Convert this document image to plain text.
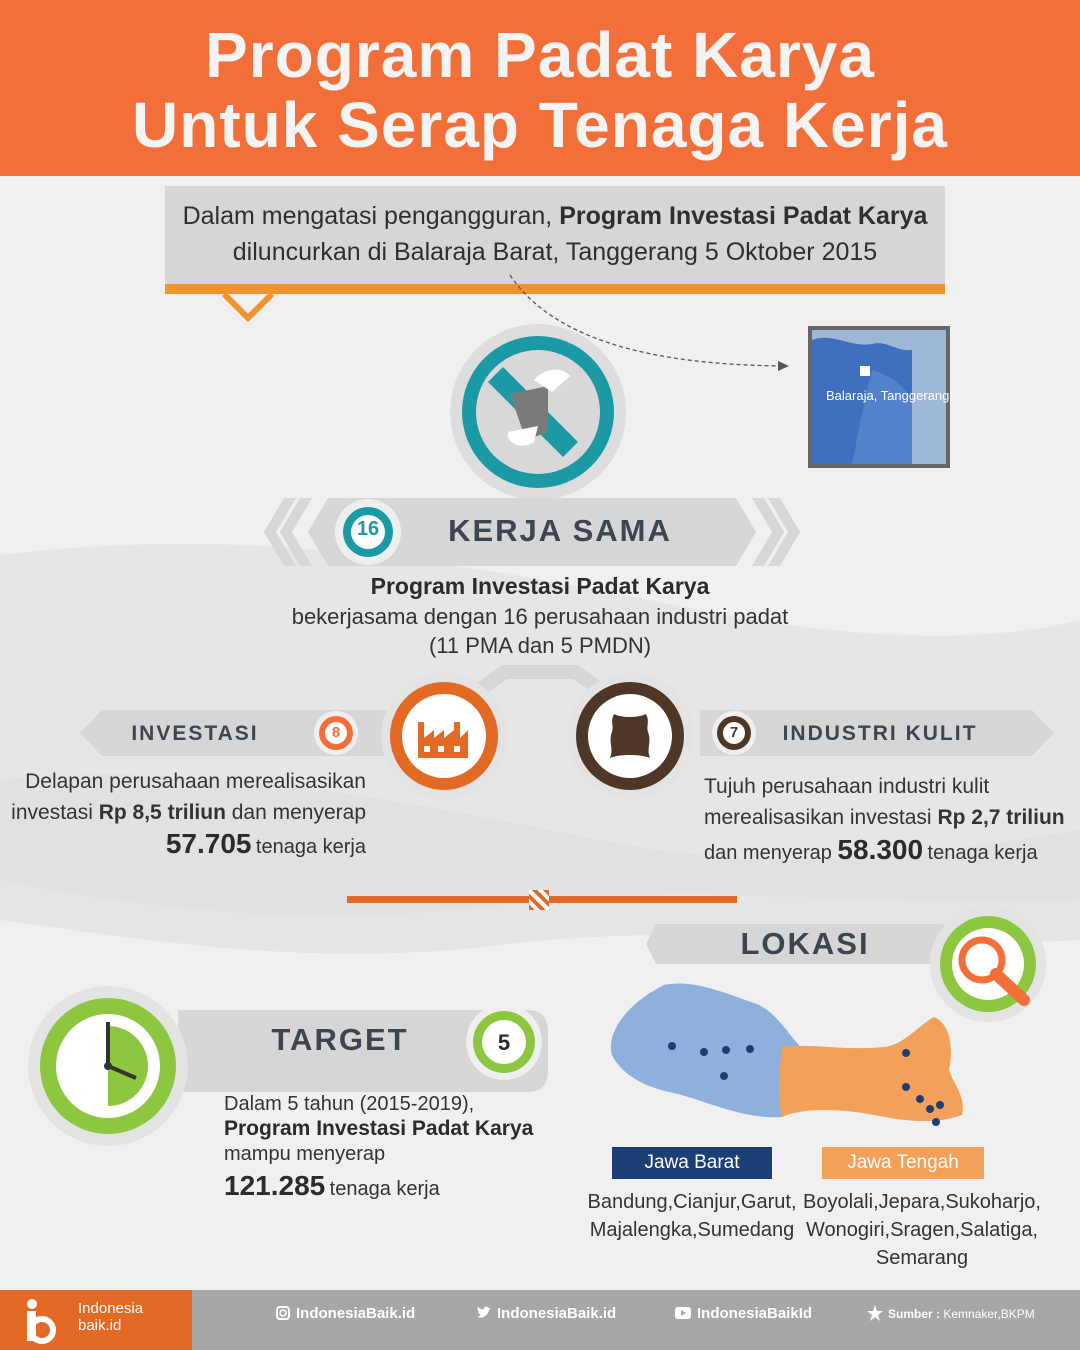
Program Padat Karya
Untuk Serap Tenaga Kerja
Dalam mengatasi pengangguran, Program Investasi Padat Karya
diluncurkan di Balaraja Barat, Tanggerang 5 Oktober 2015
Balaraja, Tanggerang
16	KERJA SAMA
Program Investasi Padat Karya
bekerjasama dengan 16 perusahaan industri padat
(11 PMA dan 5 PMDN)
INVESTASI	8
Delapan perusahaan merealisasikan
investasi Rp 8,5 triliun dan menyerap
57.705 tenaga kerja
7	INDUSTRI KULIT
Tujuh perusahaan industri kulit
merealisasikan investasi Rp 2,7 triliun
dan menyerap 58.300 tenaga kerja
TARGET	5
Dalam 5 tahun (2015-2019),
Program Investasi Padat Karya
mampu menyerap
121.285 tenaga kerja
LOKASI
Jawa Barat	Jawa Tengah
Bandung,Cianjur,Garut,
Majalengka,Sumedang
Boyolali,Jepara,Sukoharjo,
Wonogiri,Sragen,Salatiga,
Semarang
Indonesia
baik.id
IndonesiaBaik.id	IndonesiaBaik.id	IndonesiaBaikId	Sumber : Kemnaker,BKPM
